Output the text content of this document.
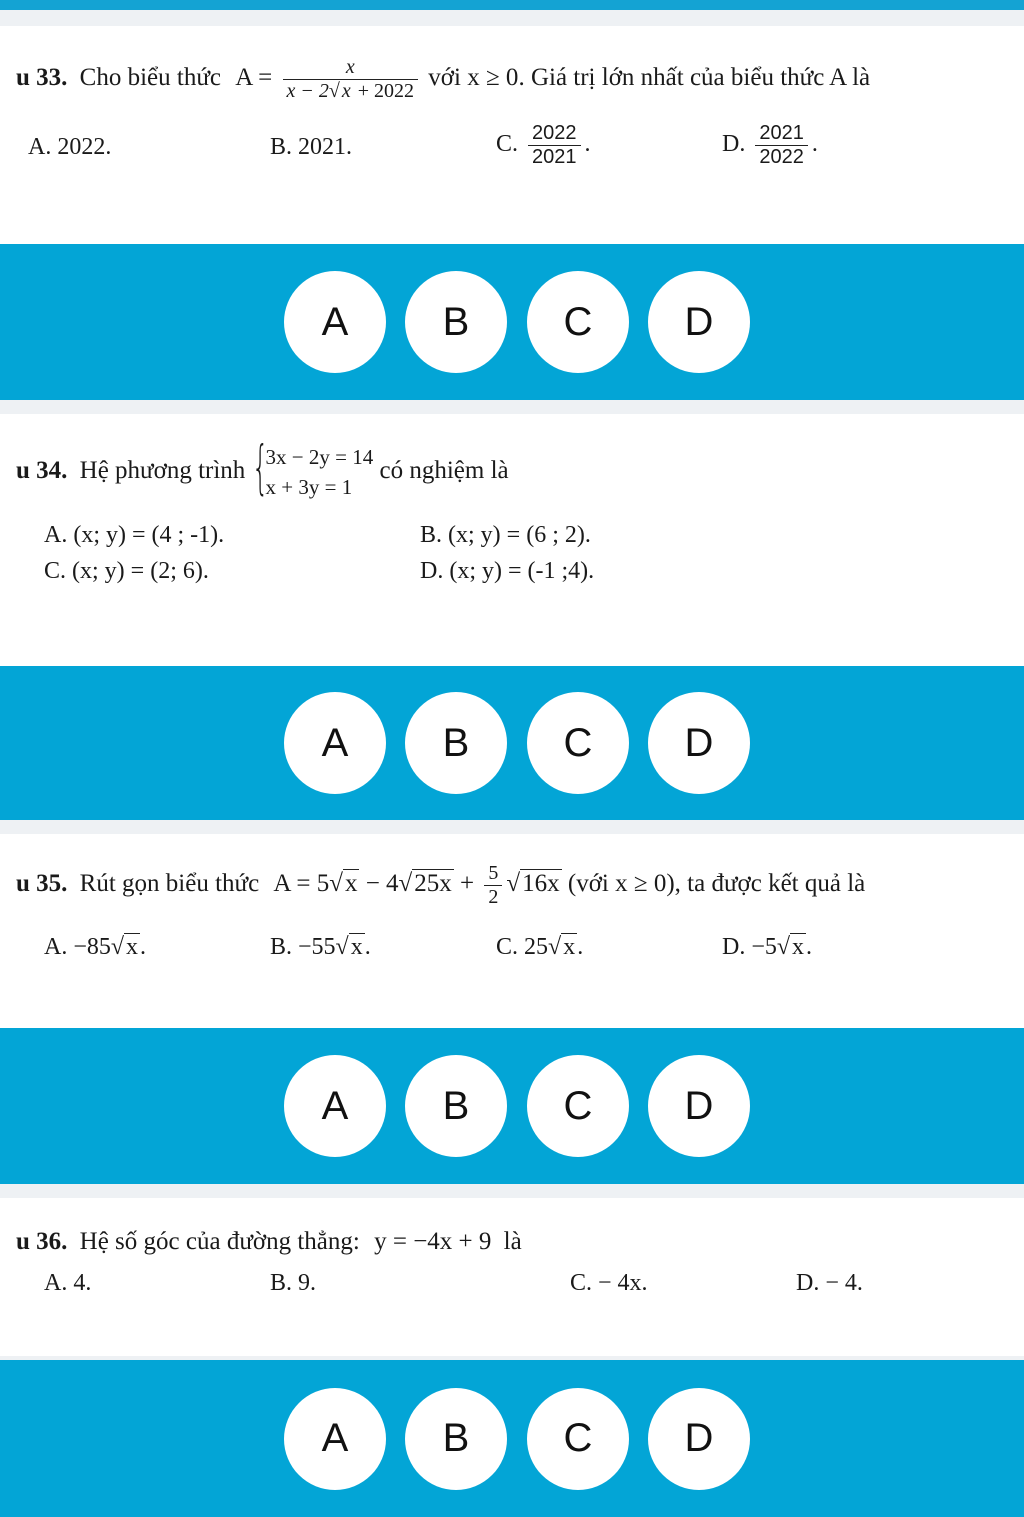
u 33. Cho biểu thức $A = \frac{x}{x - 2√ x + 2022}$ với x ≥ 0. Giá trị lớn nhất của biểu thức A là
A. 2022.	B. 2021.	C. $\frac{2022}{2021}$ .	D. $\frac{2021}{2022}$ .
A	B	C	D
u 34. Hệ phương trình {
3x − 2y = 14
x + 3y = 1
có nghiệm là
A. (x; y) = (4 ; -1).	B. (x; y) = (6 ; 2).
C. (x; y) = (2; 6).	D. (x; y) = (-1 ;4).
A	B	C	D
u 35. Rút gọn biểu thức $A = 5√x - 4√25x + \frac{5}{2} √16x$ (với x ≥ 0), ta được kết quả là
A. −85√x.	B. −55√x.	C. 25√x.	D. −5√x.
A	B	C	D
u 36. Hệ số góc của đường thẳng: y = −4x + 9 là
A. 4.	B. 9.	C. − 4x.	D. − 4.
A	B	C	D
